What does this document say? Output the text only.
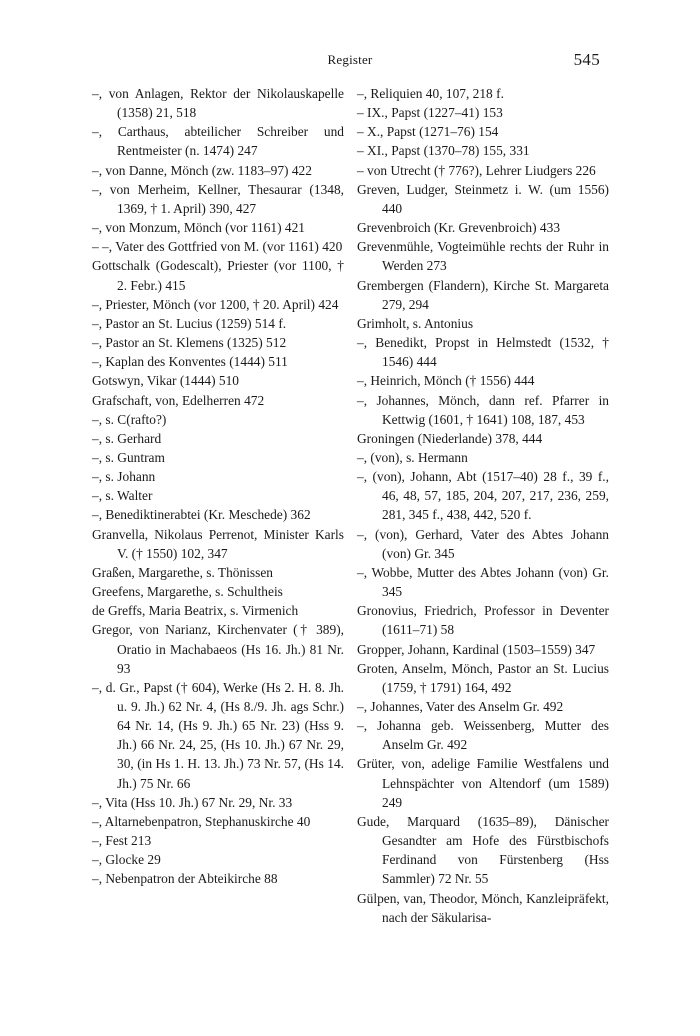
Register	545
–, von Anlagen, Rektor der Nikolauskapelle (1358) 21, 518
–, Carthaus, abteilicher Schreiber und Rentmeister (n. 1474) 247
–, von Danne, Mönch (zw. 1183–97) 422
–, von Merheim, Kellner, Thesaurar (1348, 1369, † 1. April) 390, 427
–, von Monzum, Mönch (vor 1161) 421
– –, Vater des Gottfried von M. (vor 1161) 420
Gottschalk (Godescalt), Priester (vor 1100, † 2. Febr.) 415
–, Priester, Mönch (vor 1200, † 20. April) 424
–, Pastor an St. Lucius (1259) 514 f.
–, Pastor an St. Klemens (1325) 512
–, Kaplan des Konventes (1444) 511
Gotswyn, Vikar (1444) 510
Grafschaft, von, Edelherren 472
–, s. C(rafto?)
–, s. Gerhard
–, s. Guntram
–, s. Johann
–, s. Walter
–, Benediktinerabtei (Kr. Meschede) 362
Granvella, Nikolaus Perrenot, Minister Karls V. († 1550) 102, 347
Graßen, Margarethe, s. Thönissen
Greefens, Margarethe, s. Schultheis
de Greffs, Maria Beatrix, s. Virmenich
Gregor, von Narianz, Kirchenvater († 389), Oratio in Machabaeos (Hs 16. Jh.) 81 Nr. 93
–, d. Gr., Papst († 604), Werke (Hs 2. H. 8. Jh. u. 9. Jh.) 62 Nr. 4, (Hs 8./9. Jh. ags Schr.) 64 Nr. 14, (Hs 9. Jh.) 65 Nr. 23) (Hss 9. Jh.) 66 Nr. 24, 25, (Hs 10. Jh.) 67 Nr. 29, 30, (in Hs 1. H. 13. Jh.) 73 Nr. 57, (Hs 14. Jh.) 75 Nr. 66
–, Vita (Hss 10. Jh.) 67 Nr. 29, Nr. 33
–, Altarnebenpatron, Stephanuskirche 40
–, Fest 213
–, Glocke 29
–, Nebenpatron der Abteikirche 88
–, Reliquien 40, 107, 218 f.
– IX., Papst (1227–41) 153
– X., Papst (1271–76) 154
– XI., Papst (1370–78) 155, 331
– von Utrecht († 776?), Lehrer Liudgers 226
Greven, Ludger, Steinmetz i. W. (um 1556) 440
Grevenbroich (Kr. Grevenbroich) 433
Grevenmühle, Vogteimühle rechts der Ruhr in Werden 273
Grembergen (Flandern), Kirche St. Margareta 279, 294
Grimholt, s. Antonius
–, Benedikt, Propst in Helmstedt (1532, † 1546) 444
–, Heinrich, Mönch († 1556) 444
–, Johannes, Mönch, dann ref. Pfarrer in Kettwig (1601, † 1641) 108, 187, 453
Groningen (Niederlande) 378, 444
–, (von), s. Hermann
–, (von), Johann, Abt (1517–40) 28 f., 39 f., 46, 48, 57, 185, 204, 207, 217, 236, 259, 281, 345 f., 438, 442, 520 f.
–, (von), Gerhard, Vater des Abtes Johann (von) Gr. 345
–, Wobbe, Mutter des Abtes Johann (von) Gr. 345
Gronovius, Friedrich, Professor in Deventer (1611–71) 58
Gropper, Johann, Kardinal (1503–1559) 347
Groten, Anselm, Mönch, Pastor an St. Lucius (1759, † 1791) 164, 492
–, Johannes, Vater des Anselm Gr. 492
–, Johanna geb. Weissenberg, Mutter des Anselm Gr. 492
Grüter, von, adelige Familie Westfalens und Lehnspächter von Altendorf (um 1589) 249
Gude, Marquard (1635–89), Dänischer Gesandter am Hofe des Fürstbischofs Ferdinand von Fürstenberg (Hss Sammler) 72 Nr. 55
Gülpen, van, Theodor, Mönch, Kanzleipräfekt, nach der Säkularisa-
